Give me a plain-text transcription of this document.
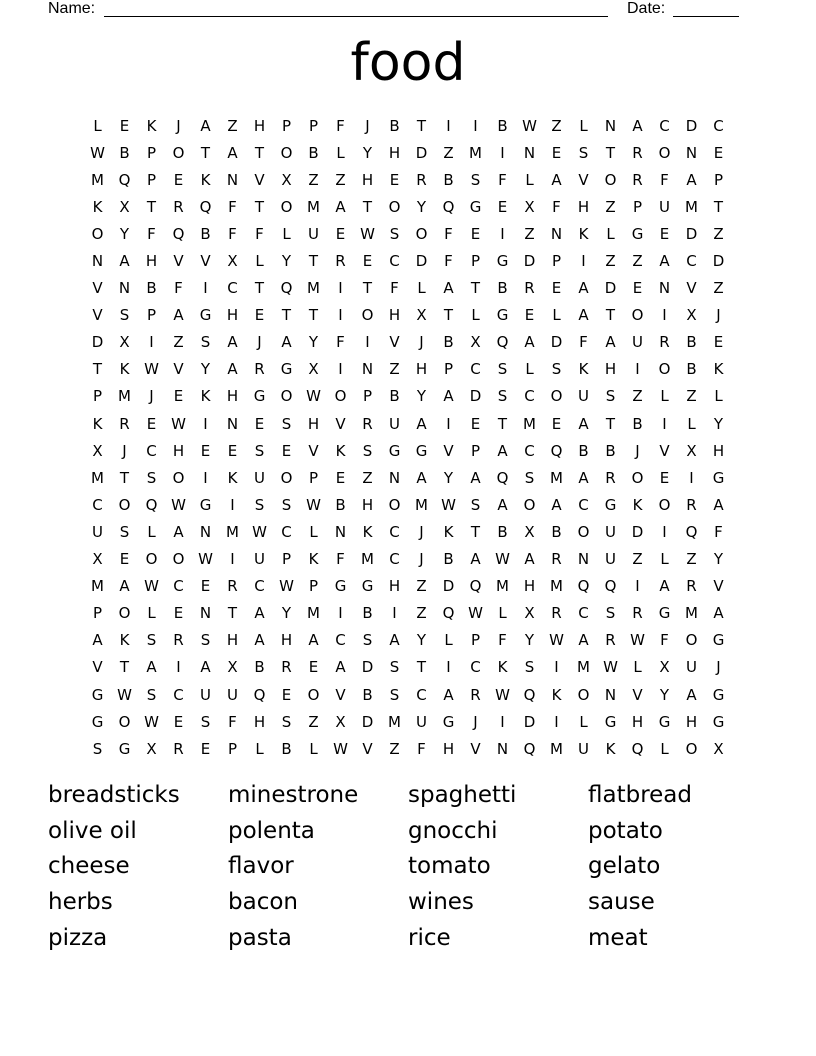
Name:	Date:
food
L	E	K	J	A	Z	H	P	P	F	J	B	T	I	I	B W Z	L	N	A	C	D	C
W B	P	O	T	A	T	O	B	L	Y	H	D	Z	M	I	N	E	S	T	R	O	N	E
M Q	P	E	K	N	V	X	Z	Z	H	E	R	B	S	F	L	A	V	O	R	F	A	P
K	X	T	R	Q	F	T	O M	A	T	O	Y	Q	G	E	X	F	H	Z	P	U	M	T
O	Y	F	Q	B	F	F	L	U	E W S	O	F	E	I	Z	N	K	L	G	E	D	Z
N	A	H	V	V	X	L	Y	T	R	E	C	D	F	P	G	D	P	I	Z	Z	A	C	D
V	N	B	F	I	C	T	Q M	I	T	F	L	A	T	B	R	E	A	D	E	N	V	Z
V	S	P	A	G	H	E	T	T	I	O	H	X	T	L	G	E	L	A	T	O	I	X	J
D	X	I	Z	S	A	J	A	Y	F	I	V	J	B	X	Q	A	D	F	A	U	R	B	E
T	K W V	Y	A	R	G	X	I	N	Z	H	P	C	S	L	S	K	H	I	O	B	K
P	M	J	E	K	H	G	O W O	P	B	Y	A	D	S	C	O	U	S	Z	L	Z	L
K	R	E W	I	N	E	S	H	V	R	U	A	I	E	T	M	E	A	T	B	I	L	Y
X	J	C	H	E	E	S	E	V	K	S	G	G	V	P	A	C	Q	B	B	J	V	X	H
M	T	S	O	I	K	U	O	P	E	Z	N	A	Y	A	Q	S	M	A	R	O	E	I	G
C	O	Q W G	I	S	S W B	H	O M W S	A	O	A	C	G	K	O	R	A
U	S	L	A	N M W C	L	N	K	C	J	K	T	B	X	B	O	U	D	I	Q	F
X	E	O	O W	I	U	P	K	F	M	C	J	B	A W A	R	N	U	Z	L	Z	Y
M	A W C	E	R	C W	P	G	G	H	Z	D	Q M H M Q	Q	I	A	R	V
P	O	L	E	N	T	A	Y	M	I	B	I	Z	Q W	L	X	R	C	S	R	G M	A
A	K	S	R	S	H	A	H	A	C	S	A	Y	L	P	F	Y	W A	R W	F	O	G
V	T	A	I	A	X	B	R	E	A	D	S	T	I	C	K	S	I	M W	L	X	U	J
G W S	C	U	U	Q	E	O	V	B	S	C	A	R W Q	K	O	N	V	Y	A	G
G	O W E	S	F	H	S	Z	X	D M	U	G	J	I	D	I	L	G	H	G	H	G
S	G	X	R	E	P	L	B	L	W V	Z	F	H	V	N	Q M	U	K	Q	L	O	X
breadsticks	minestrone	spaghetti	flatbread
olive oil	polenta	gnocchi	potato
cheese	flavor	tomato	gelato
herbs	bacon	wines	sause
pizza	pasta	rice	meat
